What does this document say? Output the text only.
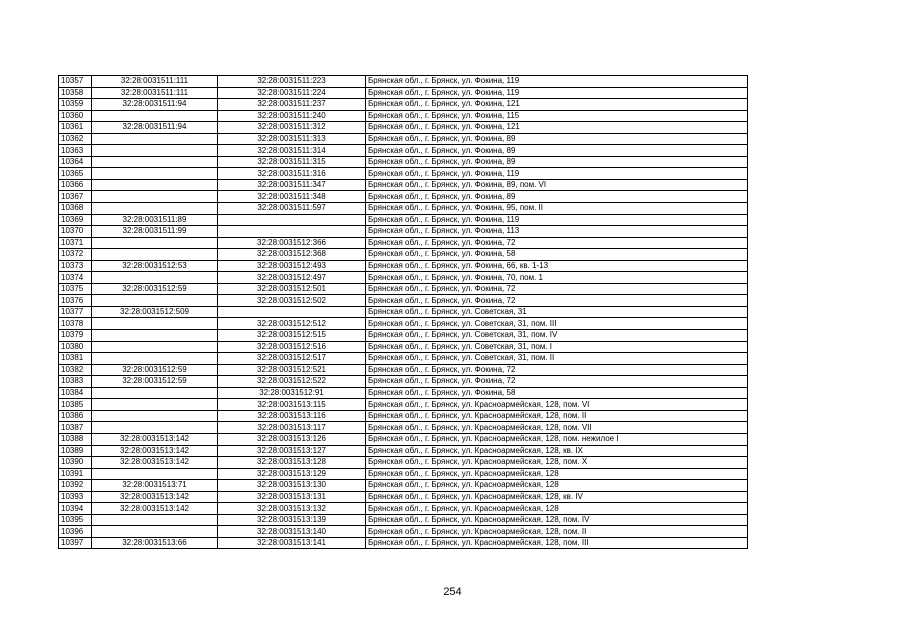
10357	32:28:0031511:111	32:28:0031511:223	Брянская обл., г. Брянск, ул. Фокина, 119
10358	32:28:0031511:111	32:28:0031511:224	Брянская обл., г. Брянск, ул. Фокина, 119
10359	32:28:0031511:94	32:28:0031511:237	Брянская обл., г. Брянск, ул. Фокина, 121
10360		32:28:0031511:240	Брянская обл., г. Брянск, ул. Фокина, 115
10361	32:28:0031511:94	32:28:0031511:312	Брянская обл., г. Брянск, ул. Фокина, 121
10362		32:28:0031511:313	Брянская обл., г. Брянск, ул. Фокина, 89
10363		32:28:0031511:314	Брянская обл., г. Брянск, ул. Фокина, 89
10364		32:28:0031511:315	Брянская обл., г. Брянск, ул. Фокина, 89
10365		32:28:0031511:316	Брянская обл., г. Брянск, ул. Фокина, 119
10366		32:28:0031511:347	Брянская обл., г. Брянск, ул. Фокина, 89, пом. VI
10367		32:28:0031511:348	Брянская обл., г. Брянск, ул. Фокина, 89
10368		32:28:0031511:597	Брянская обл., г. Брянск, ул. Фокина, 95, пом. II
10369	32:28:0031511:89		Брянская обл., г. Брянск, ул. Фокина, 119
10370	32:28:0031511:99		Брянская обл., г. Брянск, ул. Фокина, 113
10371		32:28:0031512:366	Брянская обл., г. Брянск, ул. Фокина, 72
10372		32:28:0031512:368	Брянская обл., г. Брянск, ул. Фокина, 58
10373	32:28:0031512:53	32:28:0031512:493	Брянская обл., г. Брянск, ул. Фокина, 66, кв. 1-13
10374		32:28:0031512:497	Брянская обл., г. Брянск, ул. Фокина, 70, пом. 1
10375	32:28:0031512:59	32:28:0031512:501	Брянская обл., г. Брянск, ул. Фокина, 72
10376		32:28:0031512:502	Брянская обл., г. Брянск, ул. Фокина, 72
10377	32:28:0031512:509		Брянская обл., г. Брянск, ул. Советская, 31
10378		32:28:0031512:512	Брянская обл., г. Брянск, ул. Советская, 31, пом. III
10379		32:28:0031512:515	Брянская обл., г. Брянск, ул. Советская, 31, пом. IV
10380		32:28:0031512:516	Брянская обл., г. Брянск, ул. Советская, 31, пом. I
10381		32:28:0031512:517	Брянская обл., г. Брянск, ул. Советская, 31, пом. II
10382	32:28:0031512:59	32:28:0031512:521	Брянская обл., г. Брянск, ул. Фокина, 72
10383	32:28:0031512:59	32:28:0031512:522	Брянская обл., г. Брянск, ул. Фокина, 72
10384		32:28:0031512:91	Брянская обл., г. Брянск, ул. Фокина, 58
10385		32:28:0031513:115	Брянская обл., г. Брянск, ул. Красноармейская, 128, пом. VI
10386		32:28:0031513:116	Брянская обл., г. Брянск, ул. Красноармейская, 128, пом. II
10387		32:28:0031513:117	Брянская обл., г. Брянск, ул. Красноармейская, 128, пом. VII
10388	32:28:0031513:142	32:28:0031513:126	Брянская обл., г. Брянск, ул. Красноармейская, 128, пом. нежилое I
10389	32:28:0031513:142	32:28:0031513:127	Брянская обл., г. Брянск, ул. Красноармейская, 128, кв. IX
10390	32:28:0031513:142	32:28:0031513:128	Брянская обл., г. Брянск, ул. Красноармейская, 128, пом. X
10391		32:28:0031513:129	Брянская обл., г. Брянск, ул. Красноармейская, 128
10392	32:28:0031513:71	32:28:0031513:130	Брянская обл., г. Брянск, ул. Красноармейская, 128
10393	32:28:0031513:142	32:28:0031513:131	Брянская обл., г. Брянск, ул. Красноармейская, 128, кв. IV
10394	32:28:0031513:142	32:28:0031513:132	Брянская обл., г. Брянск, ул. Красноармейская, 128
10395		32:28:0031513:139	Брянская обл., г. Брянск, ул. Красноармейская, 128, пом. IV
10396		32:28:0031513:140	Брянская обл., г. Брянск, ул. Красноармейская, 128, пом. II
10397	32:28:0031513:66	32:28:0031513:141	Брянская обл., г. Брянск, ул. Красноармейская, 128, пом. III
254
